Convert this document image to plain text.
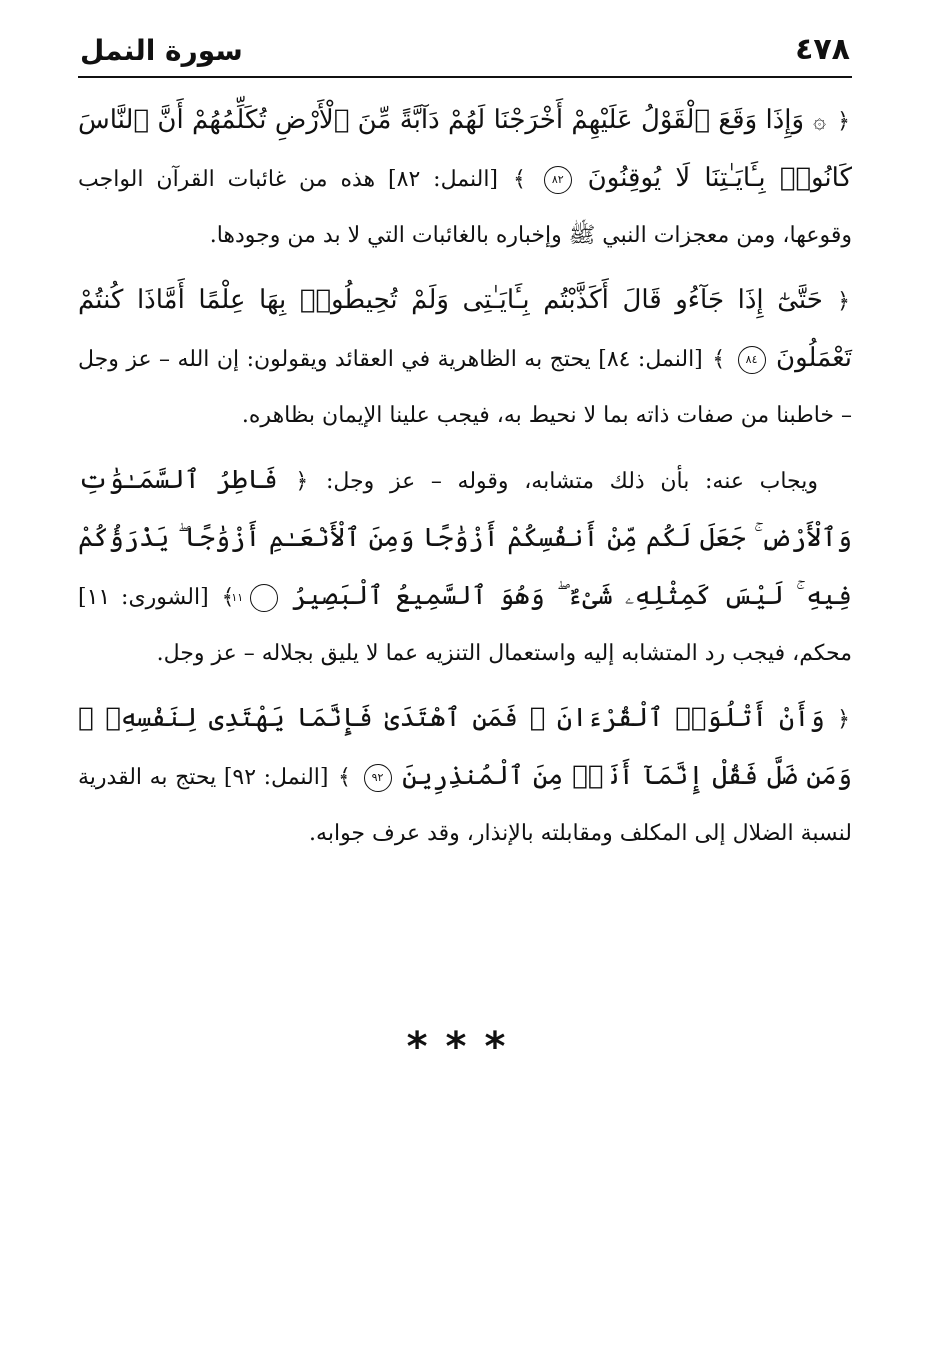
٤٧٨
سورة النمل

﴿ ۞ وَإِذَا وَقَعَ ٱلْقَوْلُ عَلَيْهِمْ أَخْرَجْنَا لَهُمْ دَآبَّةً مِّنَ ٱلْأَرْضِ تُكَلِّمُهُمْ أَنَّ ٱلنَّاسَ كَانُوا۟ بِـَٔايَـٰتِنَا لَا يُوقِنُونَ ٨٢ ﴾ [النمل: ٨٢] هذه من غائبات القرآن الواجب وقوعها، ومن معجزات النبي ﷺ وإخباره بالغائبات التي لا بد من وجودها.

﴿ حَتَّىٰٓ إِذَا جَآءُو قَالَ أَكَذَّبْتُم بِـَٔايَـٰتِى وَلَمْ تُحِيطُوا۟ بِهَا عِلْمًا أَمَّاذَا كُنتُمْ تَعْمَلُونَ ٨٤ ﴾ [النمل: ٨٤] يحتج به الظاهرية في العقائد ويقولون: إن الله – عز وجل – خاطبنا من صفات ذاته بما لا نحيط به، فيجب علينا الإيمان بظاهره.

ويجاب عنه: بأن ذلك متشابه، وقوله – عز وجل: ﴿ فَاطِرُ ٱلسَّمَـٰوَٰتِ وَٱلْأَرْضِ ۚ جَعَلَ لَكُم مِّنْ أَنفُسِكُمْ أَزْوَٰجًا وَمِنَ ٱلْأَنْعَـٰمِ أَزْوَٰجًا ۖ يَذْرَؤُكُمْ فِيهِ ۚ لَيْسَ كَمِثْلِهِۦ شَىْءٌ ۖ وَهُوَ ٱلسَّمِيعُ ٱلْبَصِيرُ ١١ ﴾ [الشورى: ١١] محكم، فيجب رد المتشابه إليه واستعمال التنزيه عما لا يليق بجلاله – عز وجل.

﴿ وَأَنْ أَتْلُوَا۟ ٱلْقُرْءَانَ ۖ فَمَنِ ٱهْتَدَىٰ فَإِنَّمَا يَهْتَدِى لِنَفْسِهِۦ ۖ وَمَن ضَلَّ فَقُلْ إِنَّمَآ أَنَا۠ مِنَ ٱلْمُنذِرِينَ ٩٢ ﴾ [النمل: ٩٢] يحتج به القدرية لنسبة الضلال إلى المكلف ومقابلته بالإنذار، وقد عرف جوابه.

***
